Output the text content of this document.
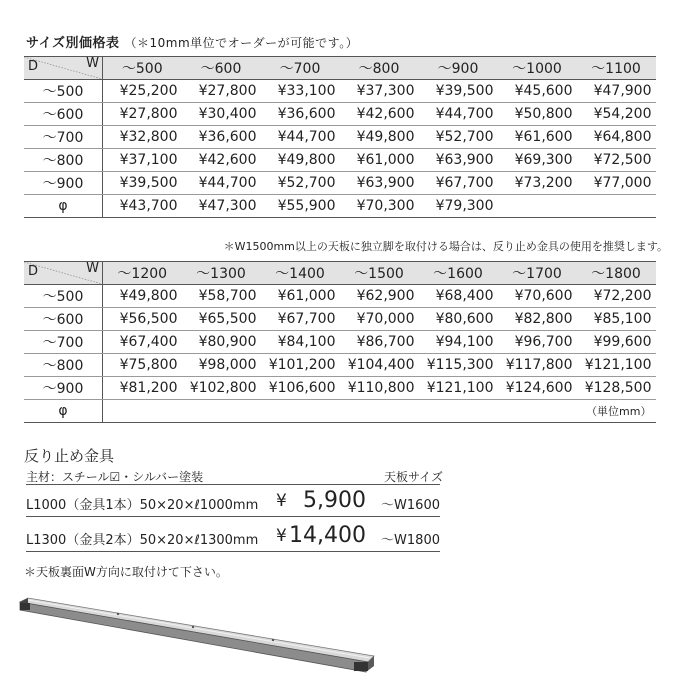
サイズ別価格表 （＊10mm単位でオーダーが可能です。）
D W	～500	～600	～700	～800	～900	～1000	～1100
～500	¥25,200	¥27,800	¥33,100	¥37,300	¥39,500	¥45,600	¥47,900
～600	¥27,800	¥30,400	¥36,600	¥42,600	¥44,700	¥50,800	¥54,200
～700	¥32,800	¥36,600	¥44,700	¥49,800	¥52,700	¥61,600	¥64,800
～800	¥37,100	¥42,600	¥49,800	¥61,000	¥63,900	¥69,300	¥72,500
～900	¥39,500	¥44,700	¥52,700	¥63,900	¥67,700	¥73,200	¥77,000
φ	¥43,700	¥47,300	¥55,900	¥70,300	¥79,300		
＊W1500mm以上の天板に独立脚を取付ける場合は、反り止め金具の使用を推奨します。
D W	～1200	～1300	～1400	～1500	～1600	～1700	～1800
～500	¥49,800	¥58,700	¥61,000	¥62,900	¥68,400	¥70,600	¥72,200
～600	¥56,500	¥65,500	¥67,700	¥70,000	¥80,600	¥82,800	¥85,100
～700	¥67,400	¥80,900	¥84,100	¥86,700	¥94,100	¥96,700	¥99,600
～800	¥75,800	¥98,000	¥101,200	¥104,400	¥115,300	¥117,800	¥121,100
～900	¥81,200	¥102,800	¥106,600	¥110,800	¥121,100	¥124,600	¥128,500
φ	（単位mm）						
反り止め金具
主材：スチール☑・シルバー塗装	天板サイズ
L1000（金具1本）50×20×ℓ1000mm ¥ 5,900 ～W1600
L1300（金具2本）50×20×ℓ1300mm ¥ 14,400 ～W1800
＊天板裏面W方向に取付けて下さい。
